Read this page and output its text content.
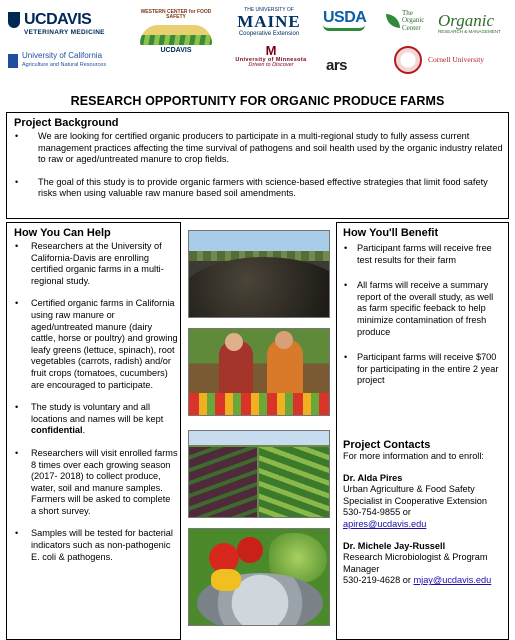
UCDAVIS
VETERINARY MEDICINE
University of California
Agriculture and Natural Resources
WESTERN CENTER for FOOD SAFETY
UCDAVIS
THE UNIVERSITY OF
MAINE
Cooperative Extension
USDA	The Organic Center	Organic
RESEARCH & MANAGEMENT
M
University of Minnesota
Driven to Discover	ars	Cornell University
RESEARCH OPPORTUNITY FOR ORGANIC PRODUCE FARMS
Project Background
• We are looking for certified organic producers to participate in a multi-regional study to fully assess current management practices affecting the time survival of pathogens and soil health used by the organic industry related to raw or aged/untreated manure to crop fields.
• The goal of this study is to provide organic farmers with science-based effective strategies that limit food safety risks when using valuable raw manure based soil amendments.
How You Can Help
• Researchers at the University of California-Davis are enrolling certified organic farms in a multi-regional study.
• Certified organic farms in California using raw manure or aged/untreated manure (dairy cattle, horse or poultry) and growing leafy greens (lettuce, spinach), root vegetables (carrots, radish) and/or fruit crops (tomatoes, cucumbers) are encouraged to participate.
• The study is voluntary and all locations and names will be kept confidential.
• Researchers will visit enrolled farms 8 times over each growing season (2017- 2018) to collect produce, water, soil and manure samples. Farmers will be asked to complete a short survey.
• Samples will be tested for bacterial indicators such as non-pathogenic E. coli & pathogens.
How You'll Benefit
• Participant farms will receive free test results for their farm
• All farms will receive a summary report of the overall study, as well as farm specific feeback to help minimize contamination of fresh produce
• Participant farms will receive $700 for participating in the entire 2 year project
Project Contacts

For more information and to enroll:

Dr. Alda Pires

Urban Agriculture & Food Safety Specialist in Cooperative Extension

530-754-9855 or

apires@ucdavis.edu

Dr. Michele Jay-Russell

Research Microbiologist & Program Manager

530-219-4628 or mjay@ucdavis.edu
